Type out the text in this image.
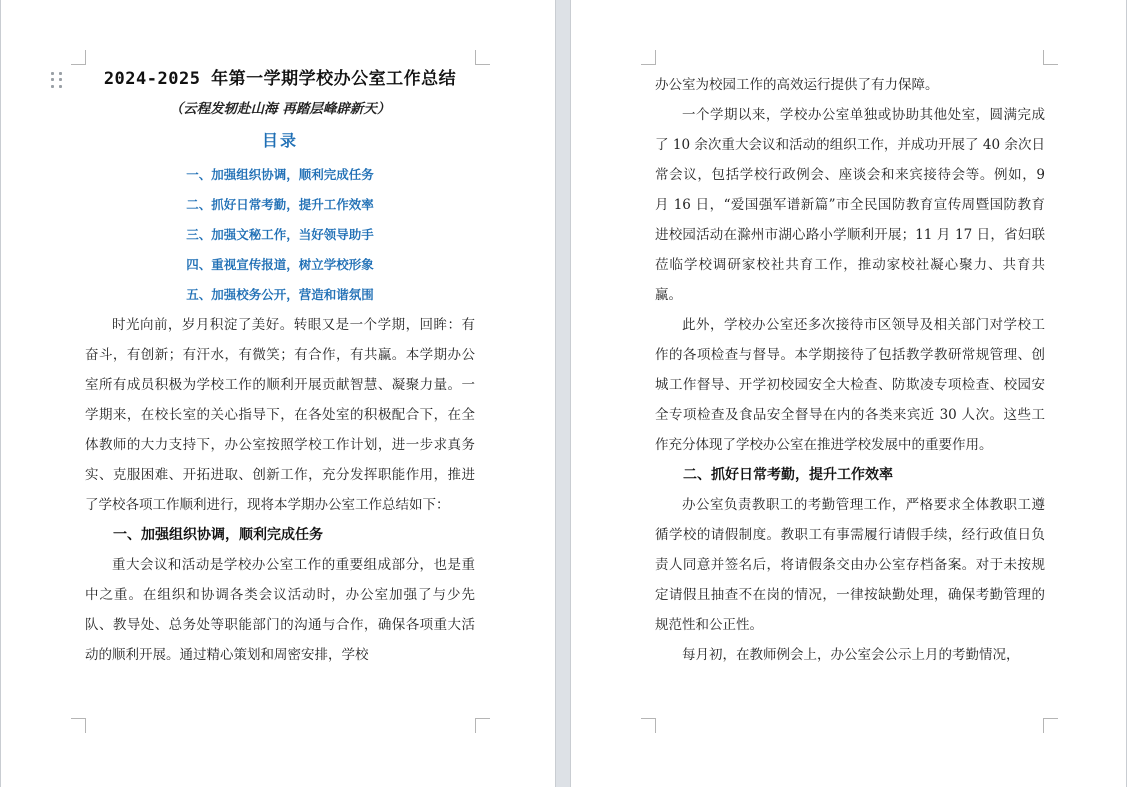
2024-2025 年第一学期学校办公室工作总结
（云程发轫赴山海 再踏层峰辟新天）
目录
一、加强组织协调，顺利完成任务
二、抓好日常考勤，提升工作效率
三、加强文秘工作，当好领导助手
四、重视宣传报道，树立学校形象
五、加强校务公开，营造和谐氛围

时光向前，岁月积淀了美好。转眼又是一个学期，回眸：有奋斗，有创新；有汗水，有微笑；有合作，有共赢。本学期办公室所有成员积极为学校工作的顺利开展贡献智慧、凝聚力量。一学期来，在校长室的关心指导下，在各处室的积极配合下，在全体教师的大力支持下，办公室按照学校工作计划，进一步求真务实、克服困难、开拓进取、创新工作，充分发挥职能作用，推进了学校各项工作顺利进行，现将本学期办公室工作总结如下：

一、加强组织协调，顺利完成任务

重大会议和活动是学校办公室工作的重要组成部分，也是重中之重。在组织和协调各类会议活动时，办公室加强了与少先队、教导处、总务处等职能部门的沟通与合作，确保各项重大活动的顺利开展。通过精心策划和周密安排，学校

办公室为校园工作的高效运行提供了有力保障。

一个学期以来，学校办公室单独或协助其他处室，圆满完成了 10 余次重大会议和活动的组织工作，并成功开展了 40 余次日常会议，包括学校行政例会、座谈会和来宾接待会等。例如，9 月 16 日，“爱国强军谱新篇”市全民国防教育宣传周暨国防教育进校园活动在滁州市湖心路小学顺利开展；11 月 17 日，省妇联莅临学校调研家校社共育工作，推动家校社凝心聚力、共育共赢。

此外，学校办公室还多次接待市区领导及相关部门对学校工作的各项检查与督导。本学期接待了包括教学教研常规管理、创城工作督导、开学初校园安全大检查、防欺凌专项检查、校园安全专项检查及食品安全督导在内的各类来宾近 30 人次。这些工作充分体现了学校办公室在推进学校发展中的重要作用。

二、抓好日常考勤，提升工作效率

办公室负责教职工的考勤管理工作，严格要求全体教职工遵循学校的请假制度。教职工有事需履行请假手续，经行政值日负责人同意并签名后，将请假条交由办公室存档备案。对于未按规定请假且抽查不在岗的情况，一律按缺勤处理，确保考勤管理的规范性和公正性。

每月初，在教师例会上，办公室会公示上月的考勤情况，
